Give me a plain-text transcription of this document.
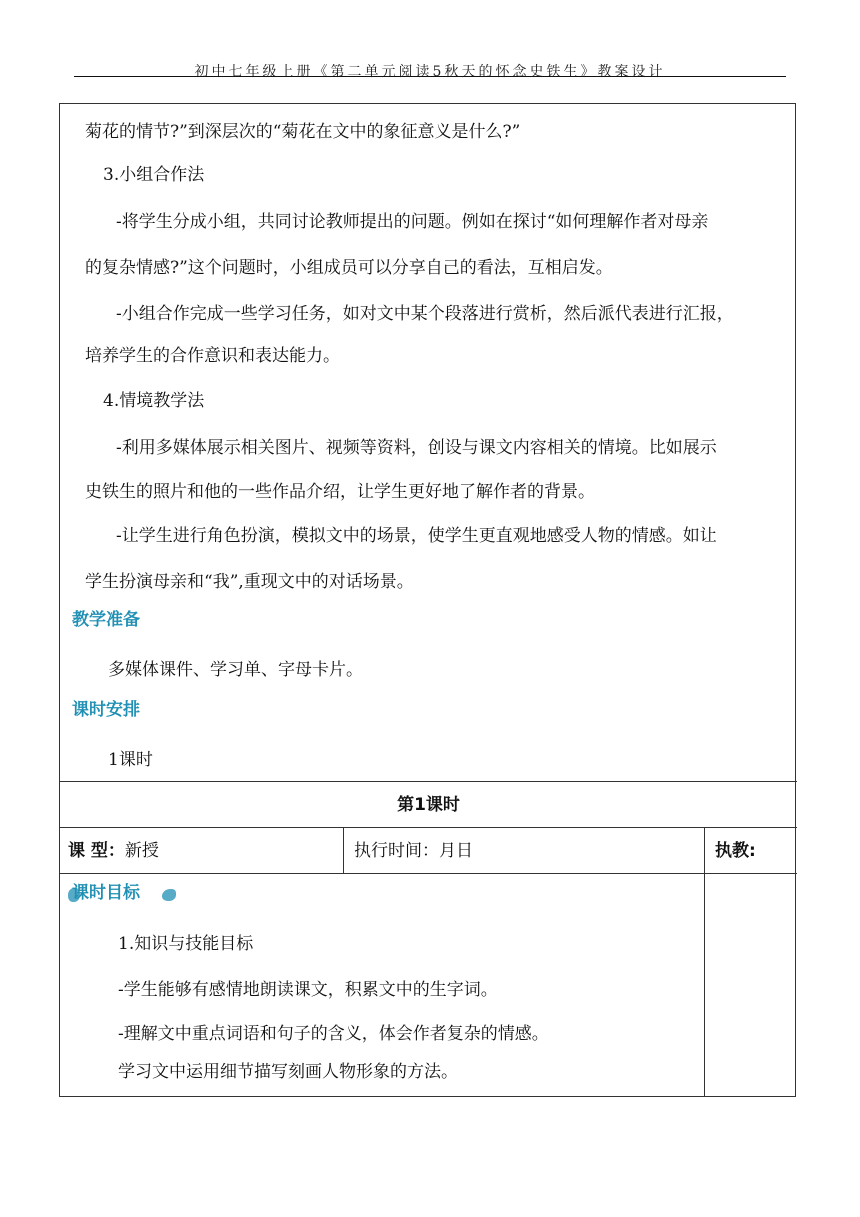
初中七年级上册《第二单元阅读5秋天的怀念史铁生》教案设计
菊花的情节?”到深层次的“菊花在文中的象征意义是什么?”
3.小组合作法
-将学生分成小组，共同讨论教师提出的问题。例如在探讨“如何理解作者对母亲
的复杂情感?”这个问题时，小组成员可以分享自己的看法，互相启发。
-小组合作完成一些学习任务，如对文中某个段落进行赏析，然后派代表进行汇报，
培养学生的合作意识和表达能力。
4.情境教学法
-利用多媒体展示相关图片、视频等资料，创设与课文内容相关的情境。比如展示
史铁生的照片和他的一些作品介绍，让学生更好地了解作者的背景。
-让学生进行角色扮演，模拟文中的场景，使学生更直观地感受人物的情感。如让
学生扮演母亲和“我”,重现文中的对话场景。
教学准备
多媒体课件、学习单、字母卡片。
课时安排
1课时
第1课时
课 型：新授	执行时间：月日	执教:
课时目标
1.知识与技能目标
-学生能够有感情地朗读课文，积累文中的生字词。
-理解文中重点词语和句子的含义，体会作者复杂的情感。
学习文中运用细节描写刻画人物形象的方法。
